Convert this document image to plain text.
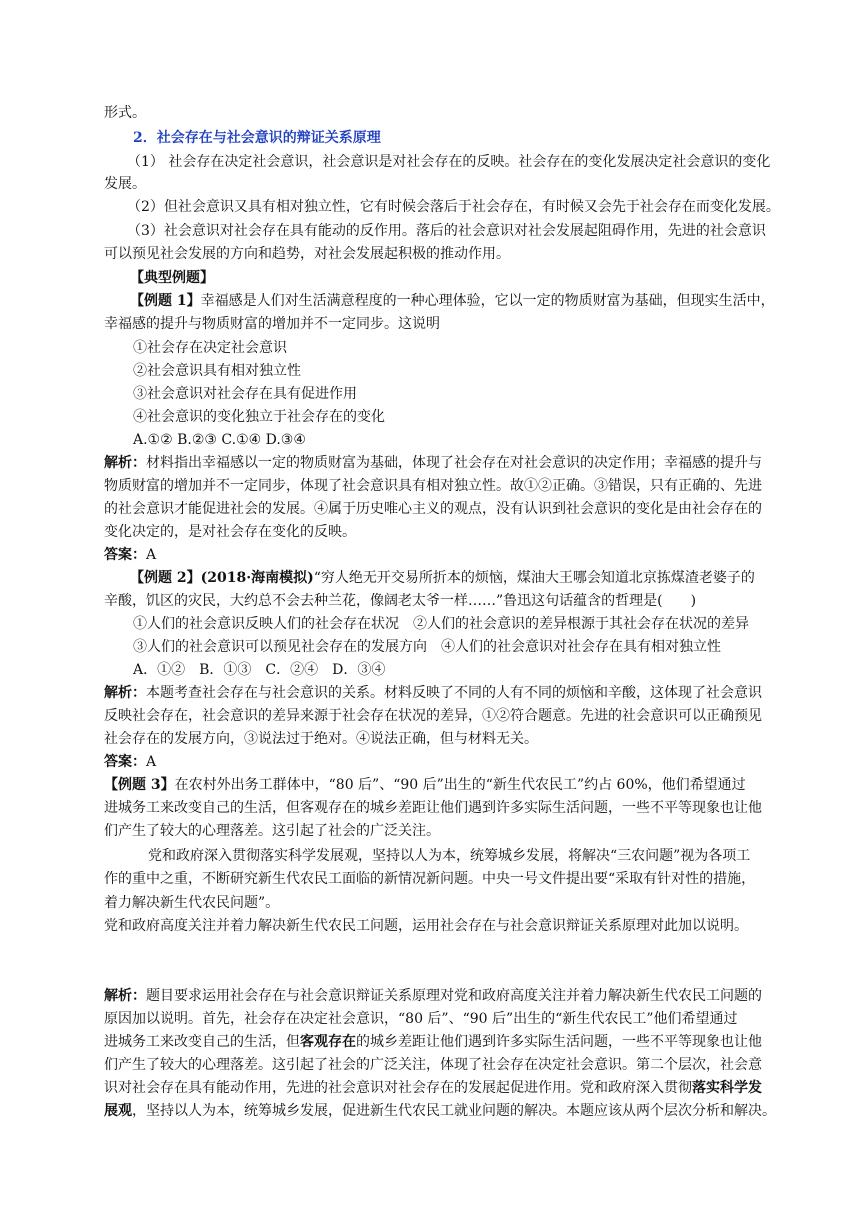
形式。
2．社会存在与社会意识的辩证关系原理
（1） 社会存在决定社会意识，社会意识是对社会存在的反映。社会存在的变化发展决定社会意识的变化
发展。
（2）但社会意识又具有相对独立性，它有时候会落后于社会存在，有时候又会先于社会存在而变化发展。
（3）社会意识对社会存在具有能动的反作用。落后的社会意识对社会发展起阻碍作用，先进的社会意识
可以预见社会发展的方向和趋势，对社会发展起积极的推动作用。
【典型例题】
【例题 1】幸福感是人们对生活满意程度的一种心理体验，它以一定的物质财富为基础，但现实生活中，
幸福感的提升与物质财富的增加并不一定同步。这说明
①社会存在决定社会意识
②社会意识具有相对独立性
③社会意识对社会存在具有促进作用
④社会意识的变化独立于社会存在的变化
A.①② B.②③ C.①④ D.③④
解析：材料指出幸福感以一定的物质财富为基础，体现了社会存在对社会意识的决定作用；幸福感的提升与
物质财富的增加并不一定同步，体现了社会意识具有相对独立性。故①②正确。③错误，只有正确的、先进
的社会意识才能促进社会的发展。④属于历史唯心主义的观点，没有认识到社会意识的变化是由社会存在的
变化决定的，是对社会存在变化的反映。
答案：A
【例题 2】(2018·海南模拟)“穷人绝无开交易所折本的烦恼，煤油大王哪会知道北京拣煤渣老婆子的
辛酸，饥区的灾民，大约总不会去种兰花，像阔老太爷一样……”鲁迅这句话蕴含的哲理是(　　)
①人们的社会意识反映人们的社会存在状况　②人们的社会意识的差异根源于其社会存在状况的差异
③人们的社会意识可以预见社会存在的发展方向　④人们的社会意识对社会存在具有相对独立性
A．①②　B．①③　C．②④　D．③④
解析：本题考查社会存在与社会意识的关系。材料反映了不同的人有不同的烦恼和辛酸，这体现了社会意识
反映社会存在，社会意识的差异来源于社会存在状况的差异，①②符合题意。先进的社会意识可以正确预见
社会存在的发展方向，③说法过于绝对。④说法正确，但与材料无关。
答案：A
【例题 3】在农村外出务工群体中，“80 后”、“90 后”出生的“新生代农民工”约占 60%，他们希望通过
进城务工来改变自己的生活，但客观存在的城乡差距让他们遇到许多实际生活问题，一些不平等现象也让他
们产生了较大的心理落差。这引起了社会的广泛关注。
党和政府深入贯彻落实科学发展观，坚持以人为本，统筹城乡发展，将解决“三农问题”视为各项工
作的重中之重，不断研究新生代农民工面临的新情况新问题。中央一号文件提出要“采取有针对性的措施，
着力解决新生代农民问题”。
党和政府高度关注并着力解决新生代农民工问题，运用社会存在与社会意识辩证关系原理对此加以说明。
解析：题目要求运用社会存在与社会意识辩证关系原理对党和政府高度关注并着力解决新生代农民工问题的
原因加以说明。首先，社会存在决定社会意识，“80 后”、“90 后”出生的“新生代农民工”他们希望通过
进城务工来改变自己的生活，但客观存在的城乡差距让他们遇到许多实际生活问题，一些不平等现象也让他
们产生了较大的心理落差。这引起了社会的广泛关注，体现了社会存在决定社会意识。第二个层次，社会意
识对社会存在具有能动作用，先进的社会意识对社会存在的发展起促进作用。党和政府深入贯彻落实科学发
展观，坚持以人为本，统筹城乡发展，促进新生代农民工就业问题的解决。本题应该从两个层次分析和解决。
